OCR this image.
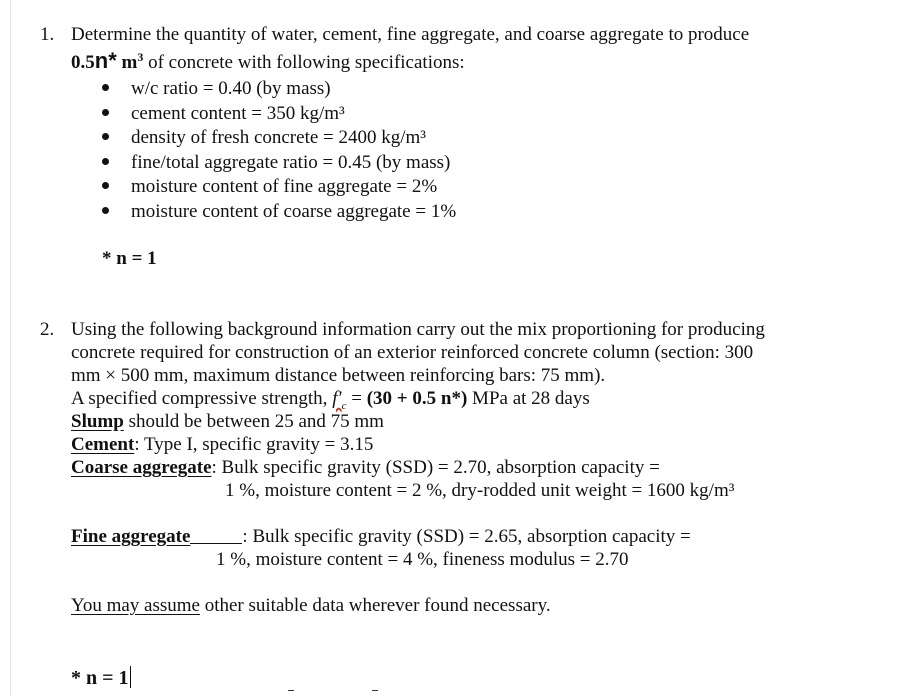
1. Determine the quantity of water, cement, fine aggregate, and coarse aggregate to produce
0.5n* $m^3$ of concrete with following specifications:
w/c ratio = 0.40 (by mass)
cement content = 350 kg/m³
density of fresh concrete = 2400 kg/m³
fine/total aggregate ratio = 0.45 (by mass)
moisture content of fine aggregate = 2%
moisture content of coarse aggregate = 1%
* n = 1
2. Using the following background information carry out the mix proportioning for producing
concrete required for construction of an exterior reinforced concrete column (section: 300
mm × 500 mm, maximum distance between reinforcing bars: 75 mm).
A specified compressive strength, $f'_c = (30 + 0.5$ n*) MPa at 28 days
Slump should be between 25 and 75 mm
Cement: Type I, specific gravity = 3.15
Coarse aggregate: Bulk specific gravity (SSD) = 2.70, absorption capacity =
1 %, moisture content = 2 %, dry-rodded unit weight = 1600 kg/m³
Fine aggregate	: Bulk specific gravity (SSD) = 2.65, absorption capacity =
1 %, moisture content = 4 %, fineness modulus = 2.70
You may assume other suitable data wherever found necessary.
* n = 1
